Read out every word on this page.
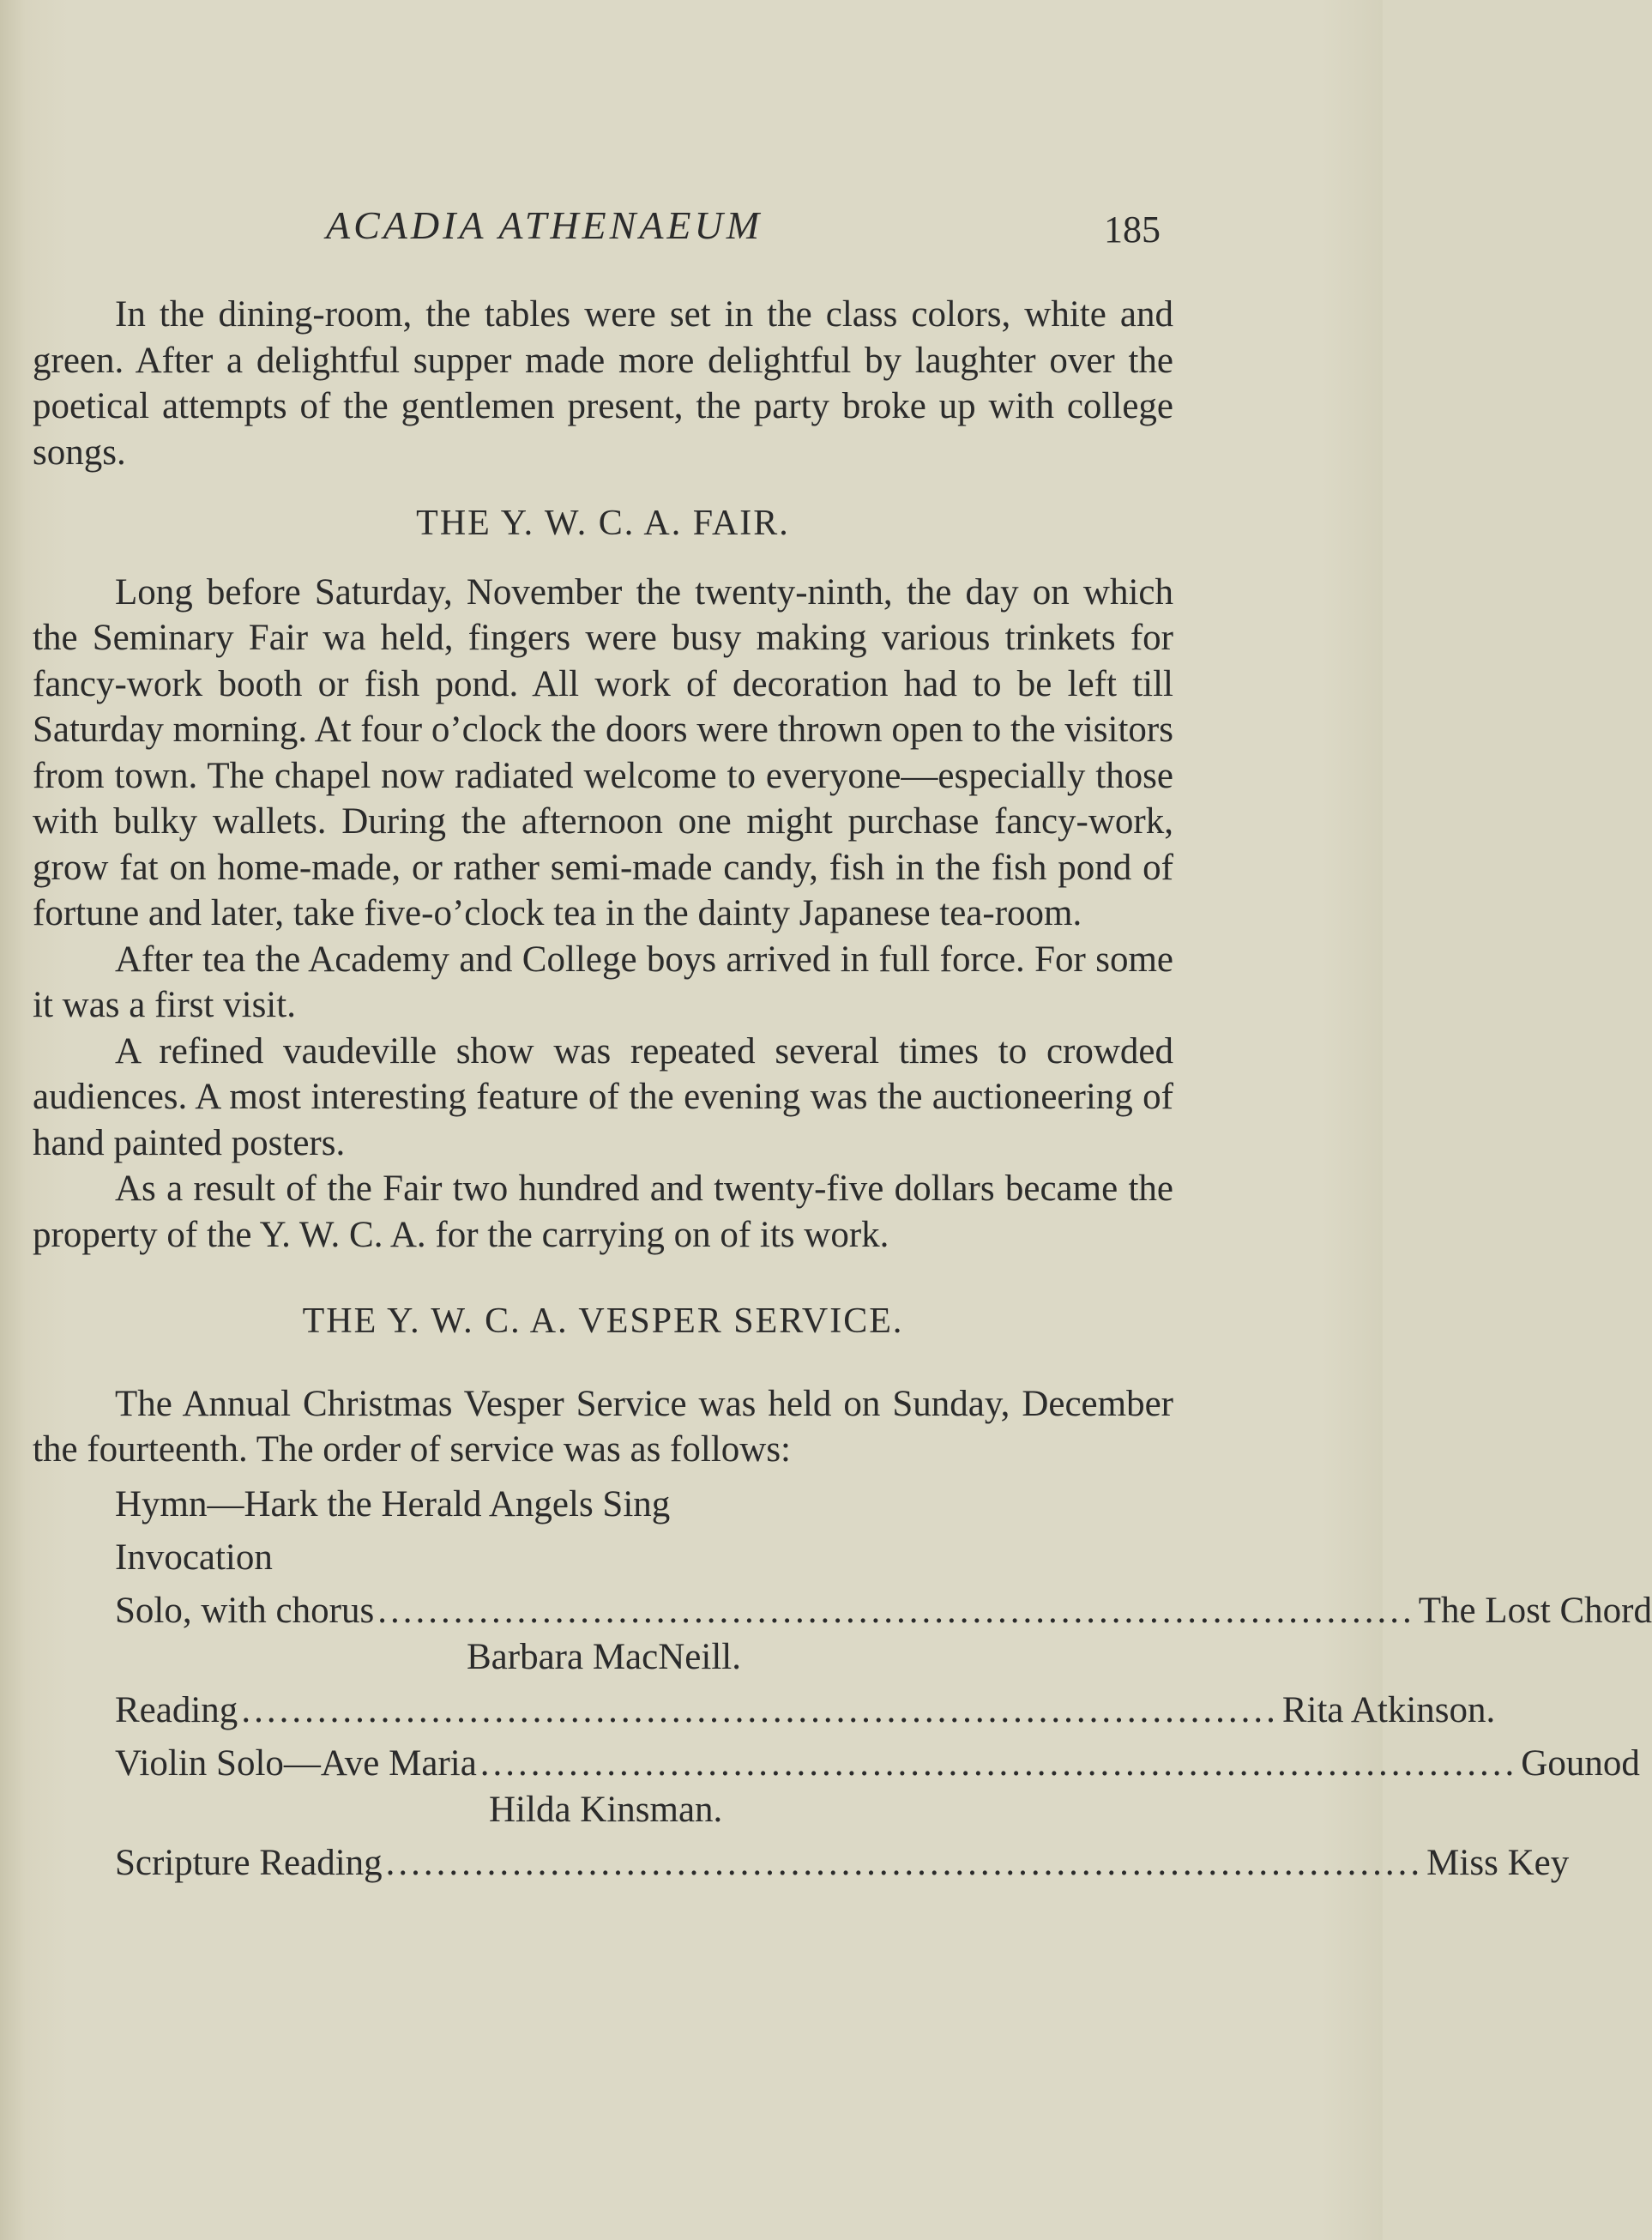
ACADIA ATHENAEUM	185

In the dining-room, the tables were set in the class colors, white and green. After a delightful supper made more delightful by laughter over the poetical attempts of the gentlemen present, the party broke up with college songs.

THE Y. W. C. A. FAIR.

Long before Saturday, November the twenty-ninth, the day on which the Seminary Fair wa held, fingers were busy making various trinkets for fancy-work booth or fish pond. All work of decoration had to be left till Saturday morning. At four o’clock the doors were thrown open to the visitors from town. The chapel now radiated welcome to everyone—especially those with bulky wallets. During the afternoon one might purchase fancy-work, grow fat on home-made, or rather semi-made candy, fish in the fish pond of fortune and later, take five-o’clock tea in the dainty Japanese tea-room.

After tea the Academy and College boys arrived in full force. For some it was a first visit.

A refined vaudeville show was repeated several times to crowded audiences. A most interesting feature of the evening was the auctioneering of hand painted posters.

As a result of the Fair two hundred and twenty-five dollars became the property of the Y. W. C. A. for the carrying on of its work.

THE Y. W. C. A. VESPER SERVICE.

The Annual Christmas Vesper Service was held on Sunday, December the fourteenth. The order of service was as follows:

Hymn—Hark the Herald Angels Sing
Invocation
Solo, with chorus .................................................................................. The Lost Chord
Barbara MacNeill.
Reading .................................................................................. Rita Atkinson.
Violin Solo—Ave Maria .................................................................................. Gounod
Hilda Kinsman.
Scripture Reading .................................................................................. Miss Key
